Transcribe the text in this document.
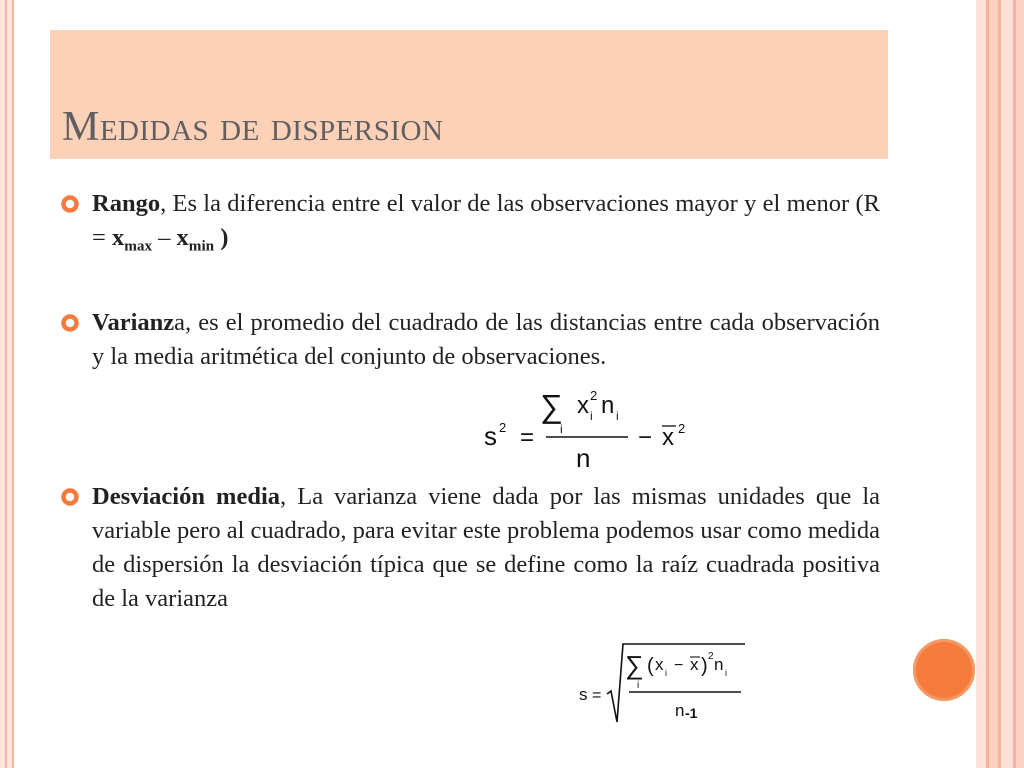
Medidas de dispersion

Rango, Es la diferencia entre el valor de las observaciones mayor y el menor ($R = x_{max} - x_{min}$ )

Varianza, es el promedio del cuadrado de las distancias entre cada observación y la media aritmética del conjunto de observaciones.

s 2 =
∑
i
x i
2 n i
n
− x 2

Desviación media, La varianza viene dada por las mismas unidades que la variable pero al cuadrado, para evitar este problema podemos usar como medida de dispersión la desviación típica que se define como la raíz cuadrada positiva de la varianza

s =
∑
i
( x i − x ) 2 n i
n -1
